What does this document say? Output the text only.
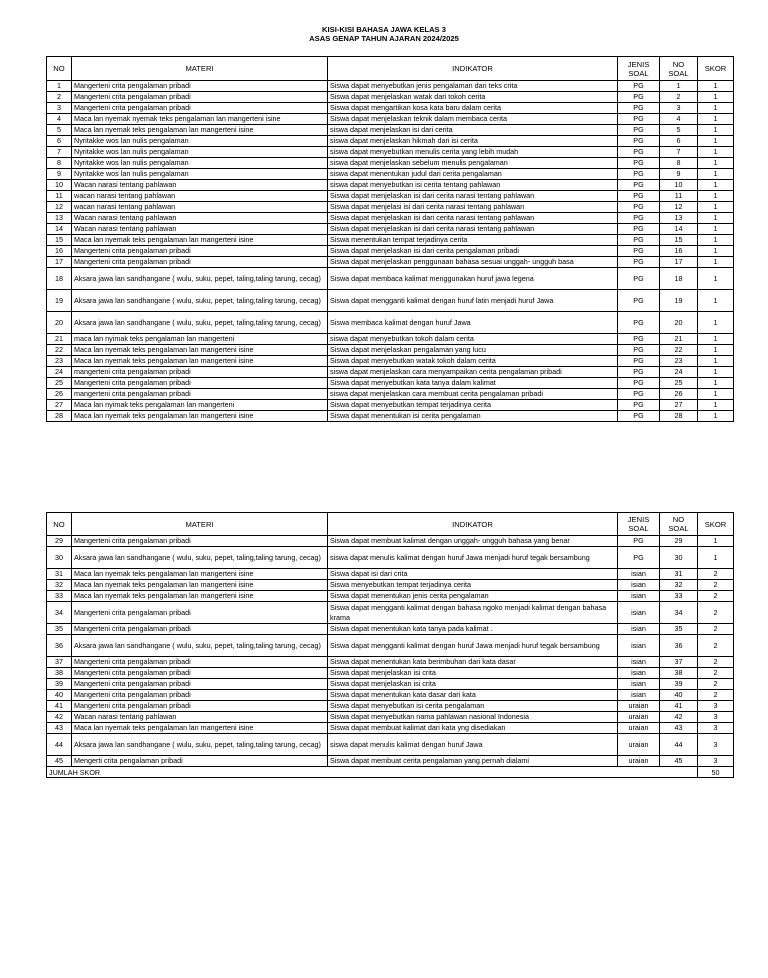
KISI-KISI BAHASA JAWA KELAS 3
ASAS GENAP TAHUN AJARAN 2024/2025
NO	MATERI	INDIKATOR	JENIS SOAL	NO SOAL	SKOR
1	Mangerteni crita pengalaman pribadi	Siswa dapat menyebutkan jenis pengalaman dari teks crita	PG	1	1
2	Mangerteni crita pengalaman pribadi	Siswa dapat menjelaskan watak dari tokoh cerita	PG	2	1
3	Mangerteni crita pengalaman pribadi	Siswa dapat mengartikan kosa kata baru dalam cerita	PG	3	1
4	Maca lan nyemak nyemak teks pengalaman lan mangerteni isine	Siswa dapat menjelaskan teknik dalam membaca cerita	PG	4	1
5	Maca lan nyemak teks pengalaman lan mangerteni isine	siswa dapat menjelaskan isi dari cerita	PG	5	1
6	Nyritakke wos lan nulis pengalaman	siswa dapat menjelaskan hikmah dari isi cerita	PG	6	1
7	Nyritakke wos lan nulis pengalaman	siswa dapat menyebutkan menulis cerita yang lebih mudah	PG	7	1
8	Nyritakke wos lan nulis pengalaman	siswa dapat menjelaskan sebelum menulis pengalaman	PG	8	1
9	Nyritakke wos lan nulis pengalaman	siswa dapat menentukan judul dari cerita pengalaman	PG	9	1
10	Wacan narasi tentang pahlawan	siswa dapat menyebutkan isi cerita tentang pahlawan	PG	10	1
11	wacan narasi tentang pahlawan	Siswa dapat menjelaskan isi dari cerita narasi tentang pahlawan	PG	11	1
12	wacan narasi tentang pahlawan	Siswa dapat menjelasi isi dari cerita narasi tentang pahlawan	PG	12	1
13	Wacan narasi tentang pahlawan	Siswa dapat menjelaskan isi dari cerita narasi tentang pahlawan	PG	13	1
14	Wacan narasi tentang pahlawan	Siswa dapat menjelaskan isi dari cerita narasi tentang pahlawan	PG	14	1
15	Maca lan nyemak teks pengalaman lan mangerteni isine	Siswa menentukan tempat terjadinya cerita	PG	15	1
16	Mangerteni crita pengalaman pribadi	Siswa dapat menjelaskan isi dari cerita pengalaman pribadi	PG	16	1
17	Mangerteni crita pengalaman pribadi	Siswa dapat menjelaskan penggunaan bahasa sesuai unggah- ungguh basa	PG	17	1
18	Aksara jawa lan sandhangane ( wulu, suku, pepet, taling,taling tarung, cecag)	Siswa dapat membaca kalimat menggunakan huruf jawa legena	PG	18	1
19	Aksara jawa lan sandhangane ( wulu, suku, pepet, taling,taling tarung, cecag)	Siswa dapat mengganti kalimat dengan huruf latin menjadi huruf Jawa	PG	19	1
20	Aksara jawa lan sandhangane ( wulu, suku, pepet, taling,taling tarung, cecag)	Siswa membaca kalimat dengan huruf Jawa	PG	20	1
21	maca lan nyimak teks pengalaman lan mangerteni	siswa dapat menyebutkan tokoh dalam cerita	PG	21	1
22	Maca lan nyemak teks pengalaman lan mangerteni isine	Siswa dapat menjelaskan pengalaman yang lucu	PG	22	1
23	Maca lan nyemak teks pengalaman lan mangerteni isine	Siswa dapat menyebutkan watak tokoh dalam cerita	PG	23	1
24	mangerteni crita pengalaman pribadi	siswa dapat menjelaskan cara menyampaikan cerita pengalaman pribadi	PG	24	1
25	Mangerteni crita pengalaman pribadi	Siswa dapat menyebutkan kata tanya dalam kalimat	PG	25	1
26	mangerteni crita pengalaman pribadi	siswa dapat menjelaskan cara membuat cerita pengalaman pribadi	PG	26	1
27	Maca lan nyimak teks pengalaman lan mangerteni	Siswa dapat menyebutkan tempat terjadinya cerita	PG	27	1
28	Maca lan nyemak teks pengalaman lan mangerteni isine	Siswa dapat menentukan isi cerita pengalaman	PG	28	1
NO	MATERI	INDIKATOR	JENIS SOAL	NO SOAL	SKOR
29	Mangerteni crita pengalaman pribadi	Siswa dapat membuat kalimat dengan unggah- ungguh bahasa yang benar	PG	29	1
30	Aksara jawa lan sandhangane ( wulu, suku, pepet, taling,taling tarung, cecag)	siswa dapat menulis kalimat dengan huruf Jawa menjadi huruf tegak bersambung	PG	30	1
31	Maca lan nyemak teks pengalaman lan mangerteni isine	Siswa dapat isi dari crita	isian	31	2
32	Maca lan nyemak teks pengalaman lan mangerteni isine	Siswa menyebutkan tempat terjadinya cerita	isian	32	2
33	Maca lan nyemak teks pengalaman lan mangerteni isine	Siswa dapat menentukan jenis cerita pengalaman	isian	33	2
34	Mangerteni crita pengalaman pribadi	Siswa dapat mengganti kalimat dengan bahasa ngoko menjadi kalimat dengan bahasa krama	isian	34	2
35	Mangerteni crita pengalaman pribadi	Siswa dapat menentukan kata tanya pada kalimat .	isian	35	2
36	Aksara jawa lan sandhangane ( wulu, suku, pepet, taling,taling tarung, cecag)	Siswa dapat mengganti kalimat dengan huruf Jawa menjadi huruf tegak bersambung	isian	36	2
37	Mangerteni crita pengalaman pribadi	Siswa dapat menentukan kata berimbuhan dari kata dasar	isian	37	2
38	Mangerteni crita pengalaman pribadi	Siswa dapat menjelaskan isi crita	isian	38	2
39	Mangerteni crita pengalaman pribadi	Siswa dapat menjelaskan isi crita	isian	39	2
40	Mangerteni crita pengalaman pribadi	Siswa dapat menentukan kata dasar dari kata	isian	40	2
41	Mangerteni crita pengalaman pribadi	Siswa dapat menyebutkan isi cerita pengalaman	uraian	41	3
42	Wacan narasi tentang pahlawan	Siswa dapat menyebutkan nama pahlawan nasional Indonesia	uraian	42	3
43	Maca lan nyemak teks pengalaman lan mangerteni isine	Siswa dapat membuat kalimat dari kata yng disediakan	uraian	43	3
44	Aksara jawa lan sandhangane ( wulu, suku, pepet, taling,taling tarung, cecag)	siswa dapat menulis kalimat dengan huruf Jawa	uraian	44	3
45	Mengerti crita pengalaman pribadi	Siswa dapat membuat cerita pengalaman yang pernah dialami	uraian	45	3
JUMLAH SKOR					50
